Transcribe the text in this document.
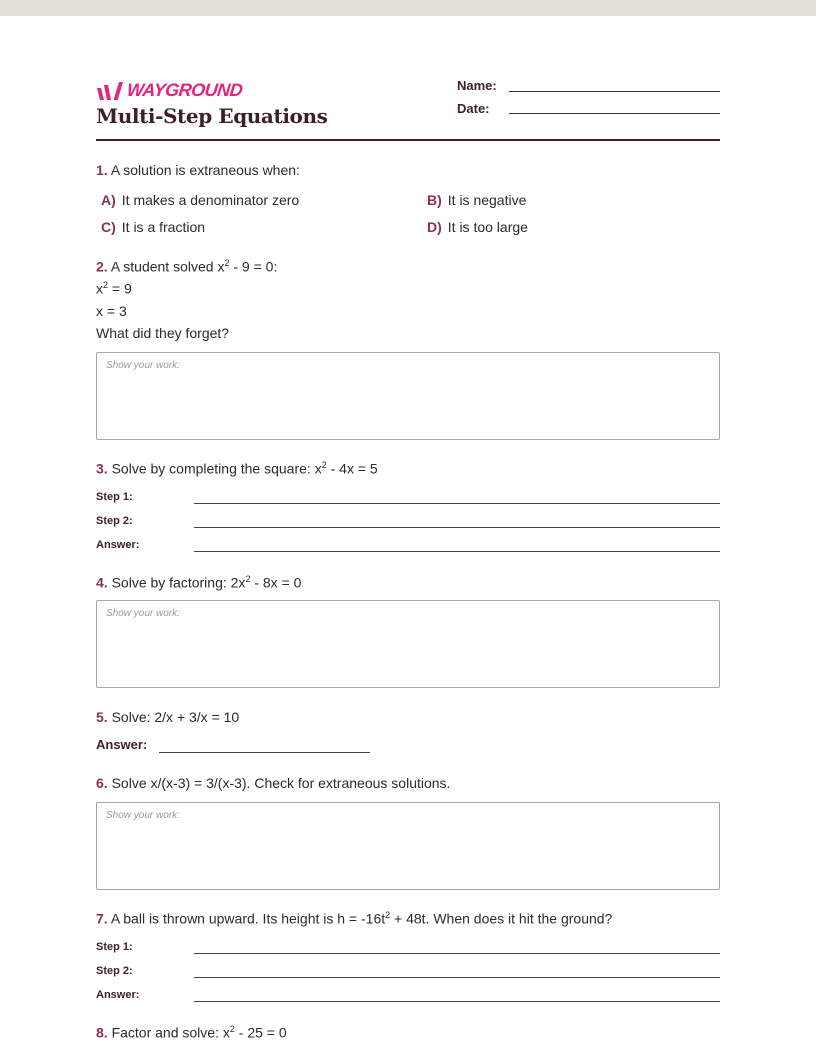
WAYGROUND
Multi-Step Equations
Name:
Date:
1. A solution is extraneous when:
A) It makes a denominator zero	B) It is negative
C) It is a fraction	D) It is too large
2. A student solved $x^2 - 9 = 0$:
$x^2 = 9$
x = 3
What did they forget?
Show your work:
3. Solve by completing the square: $x^2 - 4x = 5$
Step 1:
Step 2:
Answer:
4. Solve by factoring: $2x^2 - 8x = 0$
Show your work:
5. Solve: 2/x + 3/x = 10
Answer:
6. Solve x/(x-3) = 3/(x-3). Check for extraneous solutions.
Show your work:
7. A ball is thrown upward. Its height is $h = -16t^2 + 48t$. When does it hit the ground?
Step 1:
Step 2:
Answer:
8. Factor and solve: $x^2 - 25 = 0$
